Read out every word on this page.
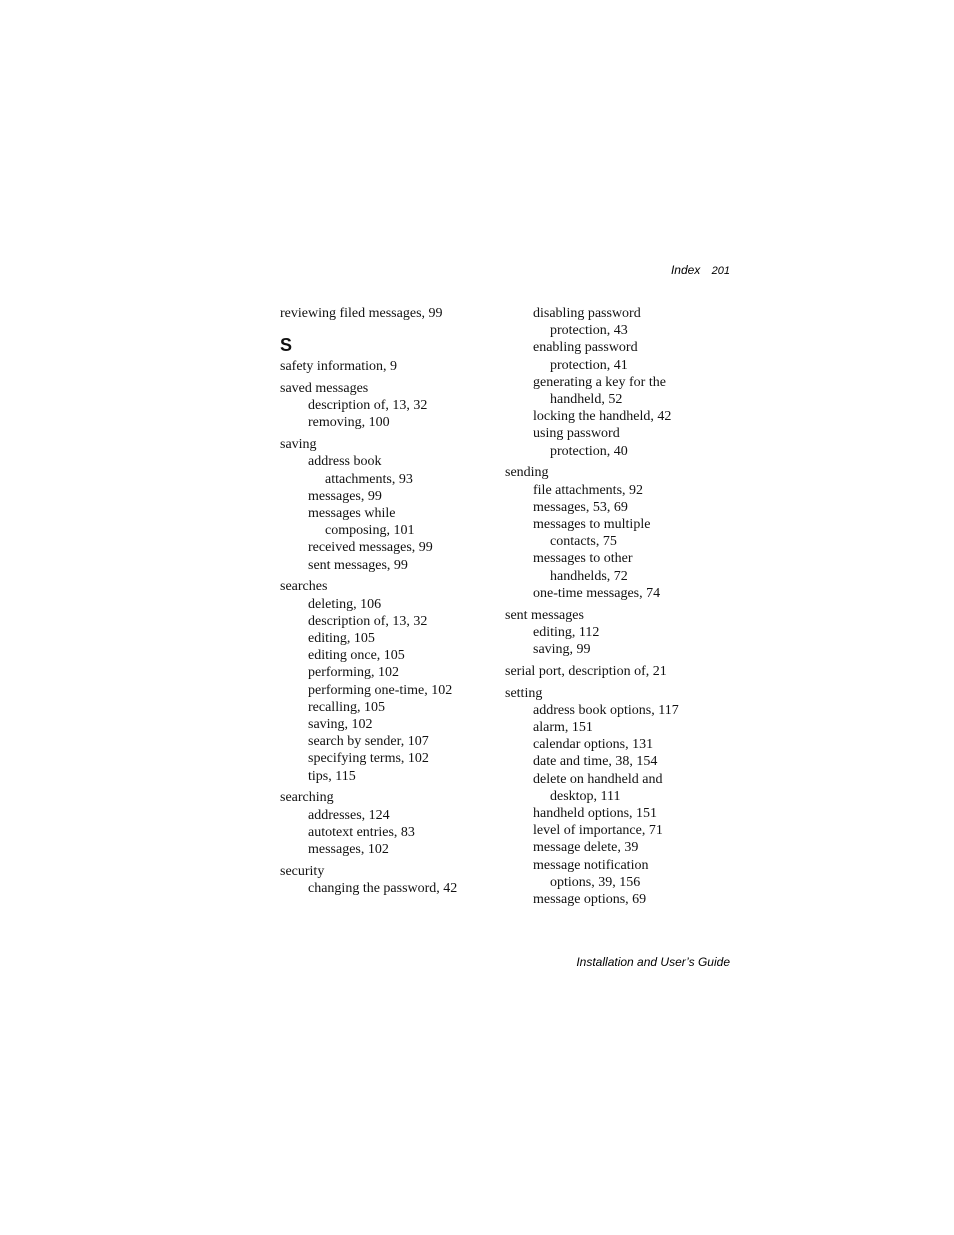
Index 201
reviewing filed messages, 99
S
safety information, 9
saved messages
description of, 13, 32
removing, 100
saving
address book
attachments, 93
messages, 99
messages while
composing, 101
received messages, 99
sent messages, 99
searches
deleting, 106
description of, 13, 32
editing, 105
editing once, 105
performing, 102
performing one-time, 102
recalling, 105
saving, 102
search by sender, 107
specifying terms, 102
tips, 115
searching
addresses, 124
autotext entries, 83
messages, 102
security
changing the password, 42
disabling password
protection, 43
enabling password
protection, 41
generating a key for the
handheld, 52
locking the handheld, 42
using password
protection, 40
sending
file attachments, 92
messages, 53, 69
messages to multiple
contacts, 75
messages to other
handhelds, 72
one-time messages, 74
sent messages
editing, 112
saving, 99
serial port, description of, 21
setting
address book options, 117
alarm, 151
calendar options, 131
date and time, 38, 154
delete on handheld and
desktop, 111
handheld options, 151
level of importance, 71
message delete, 39
message notification
options, 39, 156
message options, 69
Installation and User’s Guide
